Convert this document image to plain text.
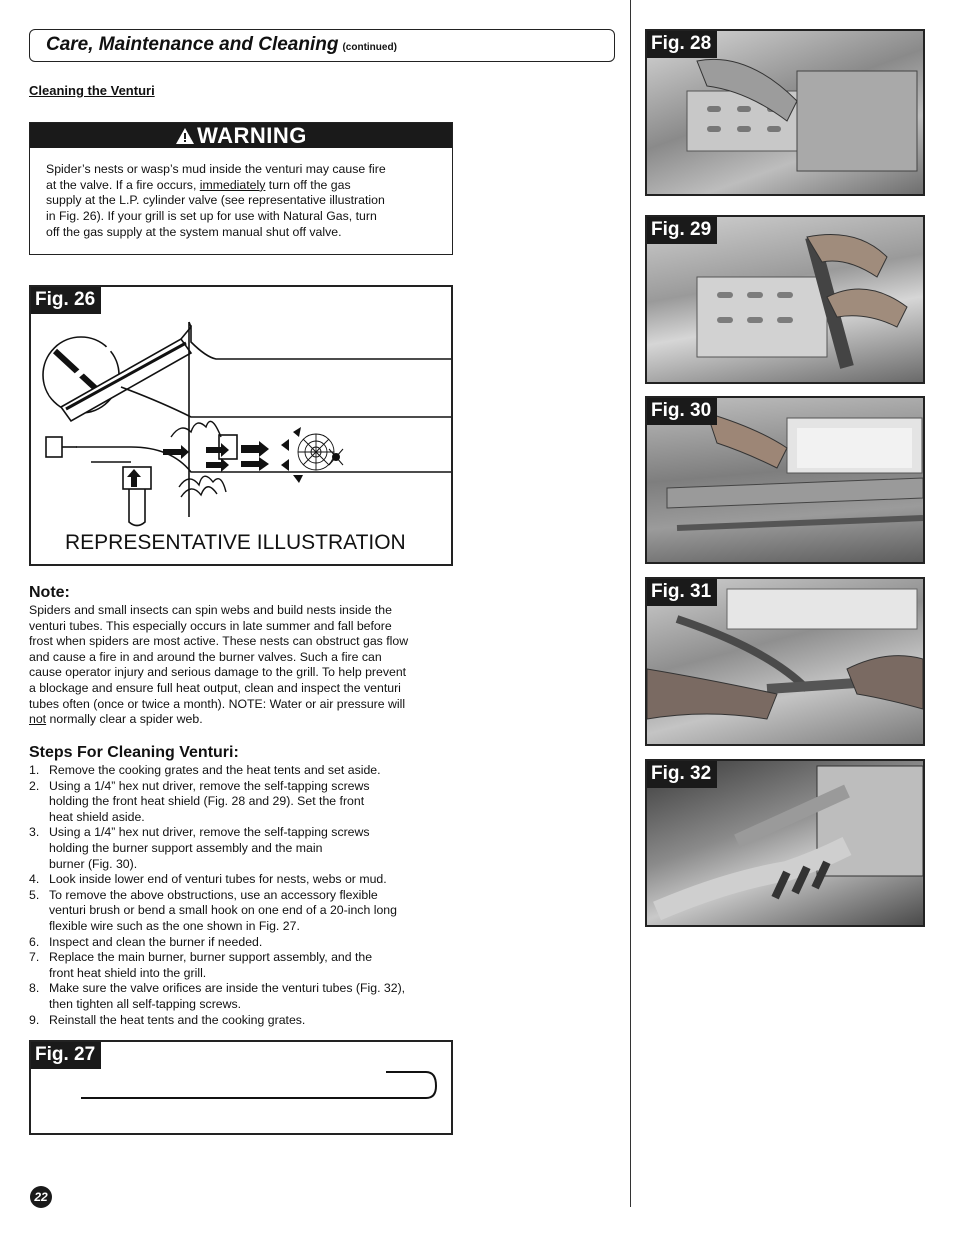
Care, Maintenance and Cleaning (continued)
Cleaning the Venturi
WARNING
Spider’s nests or wasp’s mud inside the venturi may cause fire
at the valve. If a fire occurs, immediately turn off the gas
supply at the L.P. cylinder valve (see representative illustration
in Fig. 26). If your grill is set up for use with Natural Gas, turn
off the gas supply at the system manual shut off valve.
Fig. 26
REPRESENTATIVE ILLUSTRATION
Note:
Spiders and small insects can spin webs and build nests inside the
venturi tubes. This especially occurs in late summer and fall before
frost when spiders are most active. These nests can obstruct gas flow
and cause a fire in and around the burner valves. Such a fire can
cause operator injury and serious damage to the grill. To help prevent
a blockage and ensure full heat output, clean and inspect the venturi
tubes often (once or twice a month). NOTE: Water or air pressure will
not normally clear a spider web.
Steps For Cleaning Venturi:
1. Remove the cooking grates and the heat tents and set aside.
2. Using a 1/4” hex nut driver, remove the self-tapping screws
holding the front heat shield (Fig. 28 and 29). Set the front
heat shield aside.
3. Using a 1/4” hex nut driver, remove the self-tapping screws
holding the burner support assembly and the main
burner (Fig. 30).
4. Look inside lower end of venturi tubes for nests, webs or mud.
5. To remove the above obstructions, use an accessory flexible
venturi brush or bend a small hook on one end of a 20-inch long
flexible wire such as the one shown in Fig. 27.
6. Inspect and clean the burner if needed.
7. Replace the main burner, burner support assembly, and the
front heat shield into the grill.
8. Make sure the valve orifices are inside the venturi tubes (Fig. 32),
then tighten all self-tapping screws.
9. Reinstall the heat tents and the cooking grates.
Fig. 27
Fig. 28
Fig. 29
Fig. 30
Fig. 31
Fig. 32
22
